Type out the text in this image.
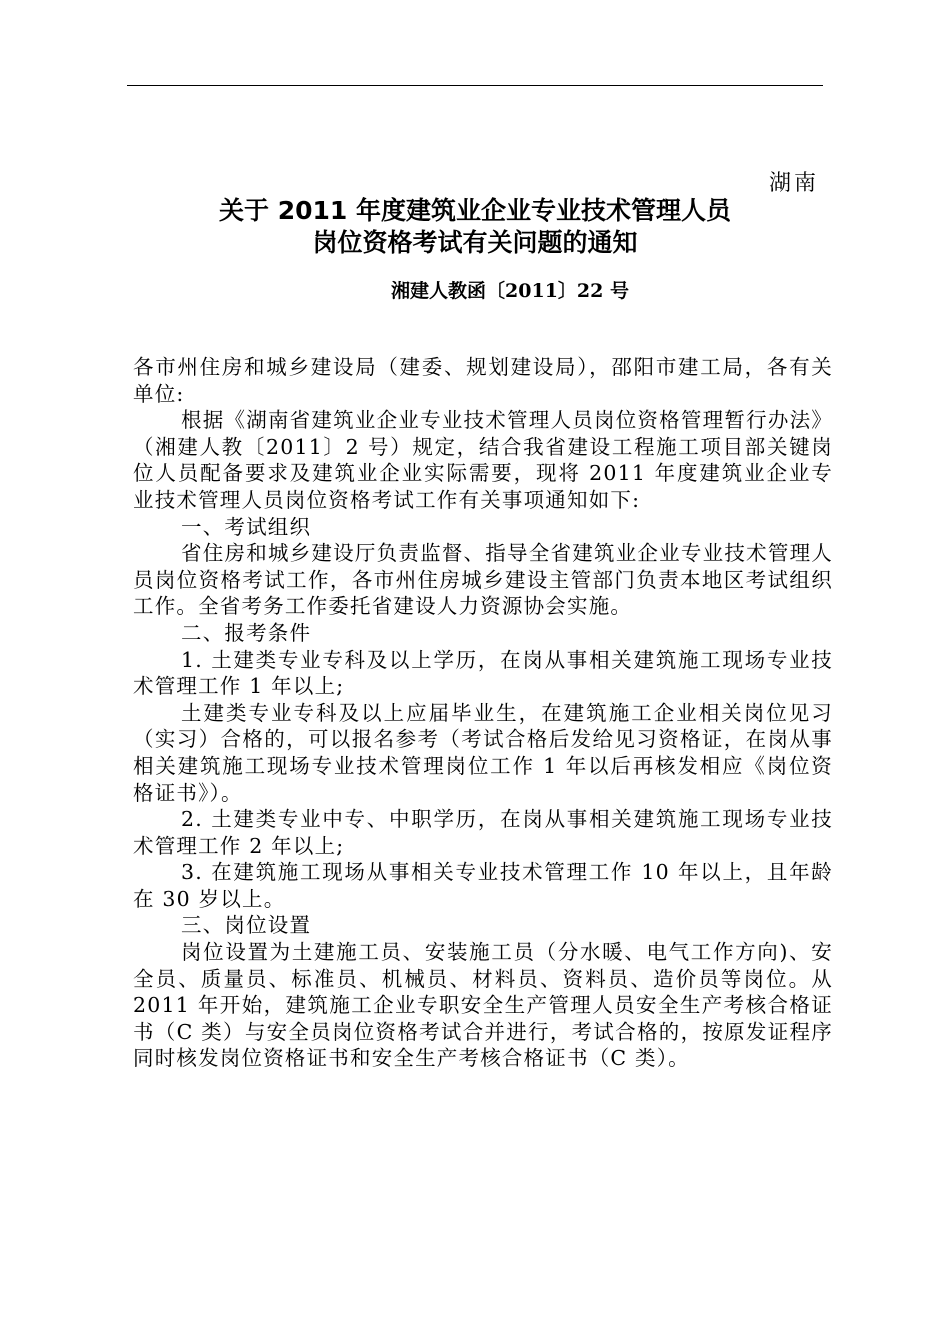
湖南
关于 2011 年度建筑业企业专业技术管理人员
岗位资格考试有关问题的通知
湘建人教函〔2011〕22 号

各市州住房和城乡建设局（建委、规划建设局），邵阳市建工局，各有关单位:

根据《湖南省建筑业企业专业技术管理人员岗位资格管理暂行办法》（湘建人教〔2011〕2 号）规定，结合我省建设工程施工项目部关键岗位人员配备要求及建筑业企业实际需要，现将 2011 年度建筑业企业专业技术管理人员岗位资格考试工作有关事项通知如下:

一、考试组织

省住房和城乡建设厅负责监督、指导全省建筑业企业专业技术管理人员岗位资格考试工作，各市州住房城乡建设主管部门负责本地区考试组织工作。全省考务工作委托省建设人力资源协会实施。

二、报考条件

1. 土建类专业专科及以上学历，在岗从事相关建筑施工现场专业技术管理工作 1 年以上;

土建类专业专科及以上应届毕业生，在建筑施工企业相关岗位见习（实习）合格的，可以报名参考（考试合格后发给见习资格证，在岗从事相关建筑施工现场专业技术管理岗位工作 1 年以后再核发相应《岗位资格证书》）。

2. 土建类专业中专、中职学历，在岗从事相关建筑施工现场专业技术管理工作 2 年以上;

3. 在建筑施工现场从事相关专业技术管理工作 10 年以上，且年龄在 30 岁以上。

三、岗位设置

岗位设置为土建施工员、安装施工员（分水暖、电气工作方向)、安全员、质量员、标准员、机械员、材料员、资料员、造价员等岗位。从 2011 年开始，建筑施工企业专职安全生产管理人员安全生产考核合格证书（C 类）与安全员岗位资格考试合并进行，考试合格的，按原发证程序同时核发岗位资格证书和安全生产考核合格证书（C 类）。
